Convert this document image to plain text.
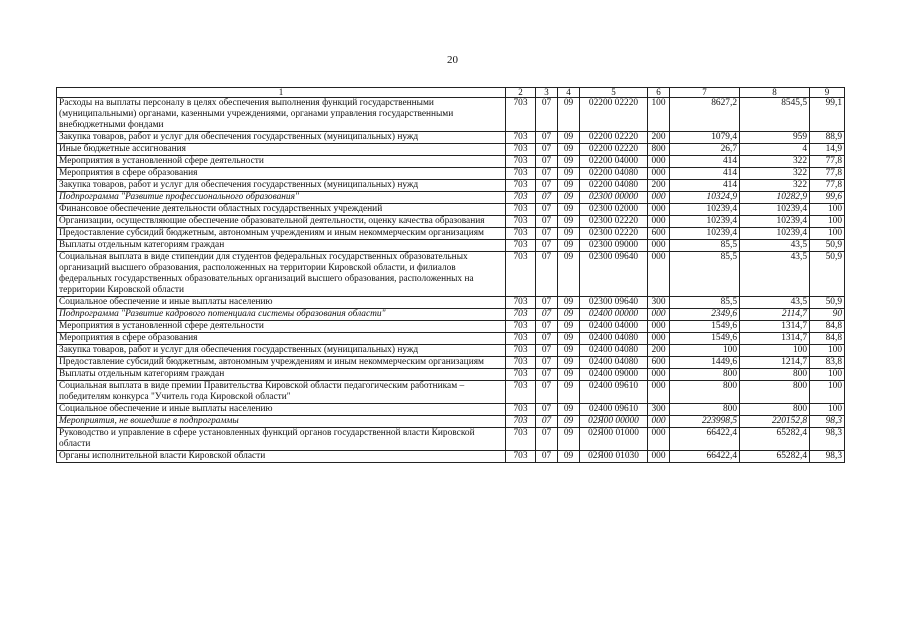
20
1	2	3	4	5	6	7	8	9
Расходы на выплаты персоналу в целях обеспечения выполнения функций государственными (муниципальными) органами, казенными учреждениями, органами управления государственными внебюджетными фондами	703	07	09	02200 02220	100	8627,2	8545,5	99,1
Закупка товаров, работ и услуг для обеспечения государственных (муниципальных) нужд	703	07	09	02200 02220	200	1079,4	959	88,9
Иные бюджетные ассигнования	703	07	09	02200 02220	800	26,7	4	14,9
Мероприятия в установленной сфере деятельности	703	07	09	02200 04000	000	414	322	77,8
Мероприятия в сфере образования	703	07	09	02200 04080	000	414	322	77,8
Закупка товаров, работ и услуг для обеспечения государственных (муниципальных) нужд	703	07	09	02200 04080	200	414	322	77,8
Подпрограмма "Развитие профессионального образования"	703	07	09	02300 00000	000	10324,9	10282,9	99,6
Финансовое обеспечение деятельности областных государственных учреждений	703	07	09	02300 02000	000	10239,4	10239,4	100
Организации, осуществляющие обеспечение образовательной деятельности, оценку качества образования	703	07	09	02300 02220	000	10239,4	10239,4	100
Предоставление субсидий бюджетным, автономным учреждениям и иным некоммерческим организациям	703	07	09	02300 02220	600	10239,4	10239,4	100
Выплаты отдельным категориям граждан	703	07	09	02300 09000	000	85,5	43,5	50,9
Социальная выплата в виде стипендии для студентов федеральных государственных образовательных организаций высшего образования, расположенных на территории Кировской области, и филиалов федеральных государственных образовательных организаций высшего образования, расположенных на территории Кировской области	703	07	09	02300 09640	000	85,5	43,5	50,9
Социальное обеспечение и иные выплаты населению	703	07	09	02300 09640	300	85,5	43,5	50,9
Подпрограмма "Развитие кадрового потенциала системы образования области"	703	07	09	02400 00000	000	2349,6	2114,7	90
Мероприятия в установленной сфере деятельности	703	07	09	02400 04000	000	1549,6	1314,7	84,8
Мероприятия в сфере образования	703	07	09	02400 04080	000	1549,6	1314,7	84,8
Закупка товаров, работ и услуг для обеспечения государственных (муниципальных) нужд	703	07	09	02400 04080	200	100	100	100
Предоставление субсидий бюджетным, автономным учреждениям и иным некоммерческим организациям	703	07	09	02400 04080	600	1449,6	1214,7	83,8
Выплаты отдельным категориям граждан	703	07	09	02400 09000	000	800	800	100
Социальная выплата в виде премии Правительства Кировской области педагогическим работникам – победителям конкурса "Учитель года Кировской области"	703	07	09	02400 09610	000	800	800	100
Социальное обеспечение и иные выплаты населению	703	07	09	02400 09610	300	800	800	100
Мероприятия, не вошедшие в подпрограммы	703	07	09	02Я00 00000	000	223998,5	220152,8	98,3
Руководство и управление в сфере установленных функций органов государственной власти Кировской области	703	07	09	02Я00 01000	000	66422,4	65282,4	98,3
Органы исполнительной власти Кировской области	703	07	09	02Я00 01030	000	66422,4	65282,4	98,3
